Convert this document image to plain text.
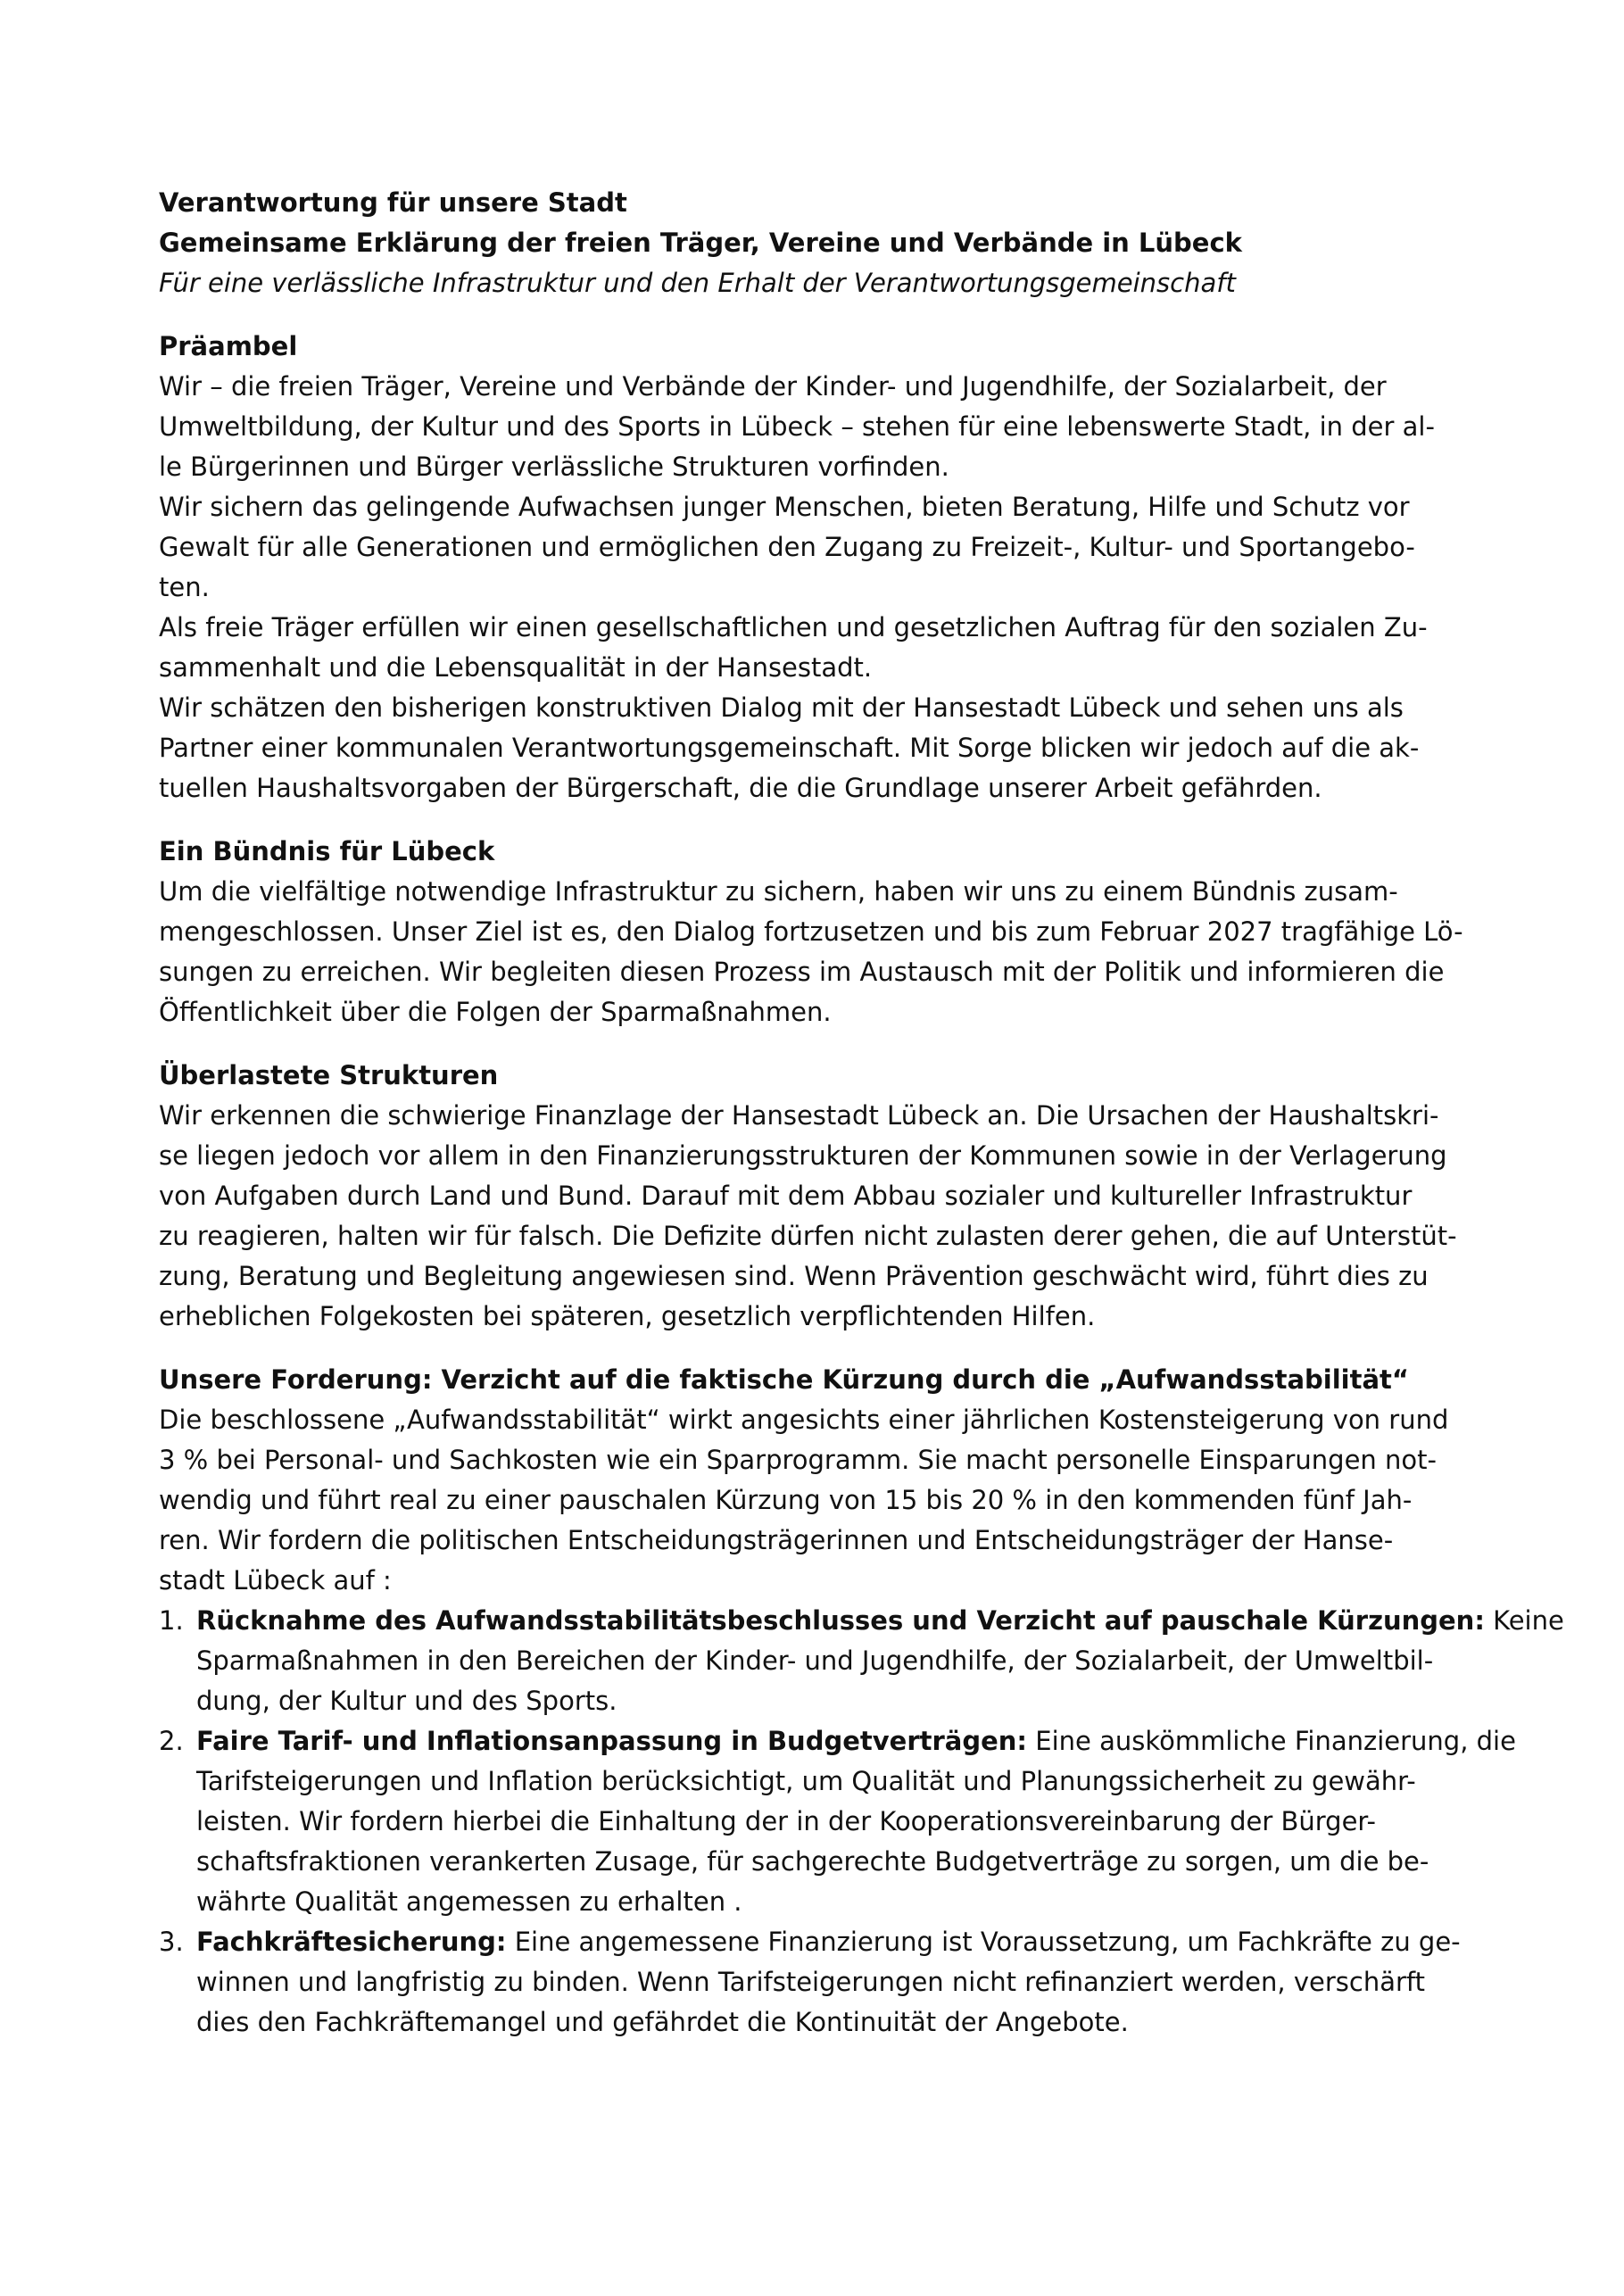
Verantwortung für unsere Stadt
Gemeinsame Erklärung der freien Träger, Vereine und Verbände in Lübeck
Für eine verlässliche Infrastruktur und den Erhalt der Verantwortungsgemeinschaft
Präambel
Wir – die freien Träger, Vereine und Verbände der Kinder- und Jugendhilfe, der Sozialarbeit, der
Umweltbildung, der Kultur und des Sports in Lübeck – stehen für eine lebenswerte Stadt, in der al-
le Bürgerinnen und Bürger verlässliche Strukturen vorfinden.
Wir sichern das gelingende Aufwachsen junger Menschen, bieten Beratung, Hilfe und Schutz vor
Gewalt für alle Generationen und ermöglichen den Zugang zu Freizeit-, Kultur- und Sportangebo-
ten.
Als freie Träger erfüllen wir einen gesellschaftlichen und gesetzlichen Auftrag für den sozialen Zu-
sammenhalt und die Lebensqualität in der Hansestadt.
Wir schätzen den bisherigen konstruktiven Dialog mit der Hansestadt Lübeck und sehen uns als
Partner einer kommunalen Verantwortungsgemeinschaft. Mit Sorge blicken wir jedoch auf die ak-
tuellen Haushaltsvorgaben der Bürgerschaft, die die Grundlage unserer Arbeit gefährden.
Ein Bündnis für Lübeck
Um die vielfältige notwendige Infrastruktur zu sichern, haben wir uns zu einem Bündnis zusam-
mengeschlossen. Unser Ziel ist es, den Dialog fortzusetzen und bis zum Februar 2027 tragfähige Lö-
sungen zu erreichen. Wir begleiten diesen Prozess im Austausch mit der Politik und informieren die
Öffentlichkeit über die Folgen der Sparmaßnahmen.
Überlastete Strukturen
Wir erkennen die schwierige Finanzlage der Hansestadt Lübeck an. Die Ursachen der Haushaltskri-
se liegen jedoch vor allem in den Finanzierungsstrukturen der Kommunen sowie in der Verlagerung
von Aufgaben durch Land und Bund. Darauf mit dem Abbau sozialer und kultureller Infrastruktur
zu reagieren, halten wir für falsch. Die Defizite dürfen nicht zulasten derer gehen, die auf Unterstüt-
zung, Beratung und Begleitung angewiesen sind. Wenn Prävention geschwächt wird, führt dies zu
erheblichen Folgekosten bei späteren, gesetzlich verpflichtenden Hilfen.
Unsere Forderung: Verzicht auf die faktische Kürzung durch die „Aufwandsstabilität“
Die beschlossene „Aufwandsstabilität“ wirkt angesichts einer jährlichen Kostensteigerung von rund
3 % bei Personal- und Sachkosten wie ein Sparprogramm. Sie macht personelle Einsparungen not-
wendig und führt real zu einer pauschalen Kürzung von 15 bis 20 % in den kommenden fünf Jah-
ren. Wir fordern die politischen Entscheidungsträgerinnen und Entscheidungsträger der Hanse-
stadt Lübeck auf :
1. Rücknahme des Aufwandsstabilitätsbeschlusses und Verzicht auf pauschale Kürzungen: Keine
Sparmaßnahmen in den Bereichen der Kinder- und Jugendhilfe, der Sozialarbeit, der Umweltbil-
dung, der Kultur und des Sports.
2. Faire Tarif- und Inflationsanpassung in Budgetverträgen: Eine auskömmliche Finanzierung, die
Tarifsteigerungen und Inflation berücksichtigt, um Qualität und Planungssicherheit zu gewähr-
leisten. Wir fordern hierbei die Einhaltung der in der Kooperationsvereinbarung der Bürger-
schaftsfraktionen verankerten Zusage, für sachgerechte Budgetverträge zu sorgen, um die be-
währte Qualität angemessen zu erhalten .
3. Fachkräftesicherung: Eine angemessene Finanzierung ist Voraussetzung, um Fachkräfte zu ge-
winnen und langfristig zu binden. Wenn Tarifsteigerungen nicht refinanziert werden, verschärft
dies den Fachkräftemangel und gefährdet die Kontinuität der Angebote.
